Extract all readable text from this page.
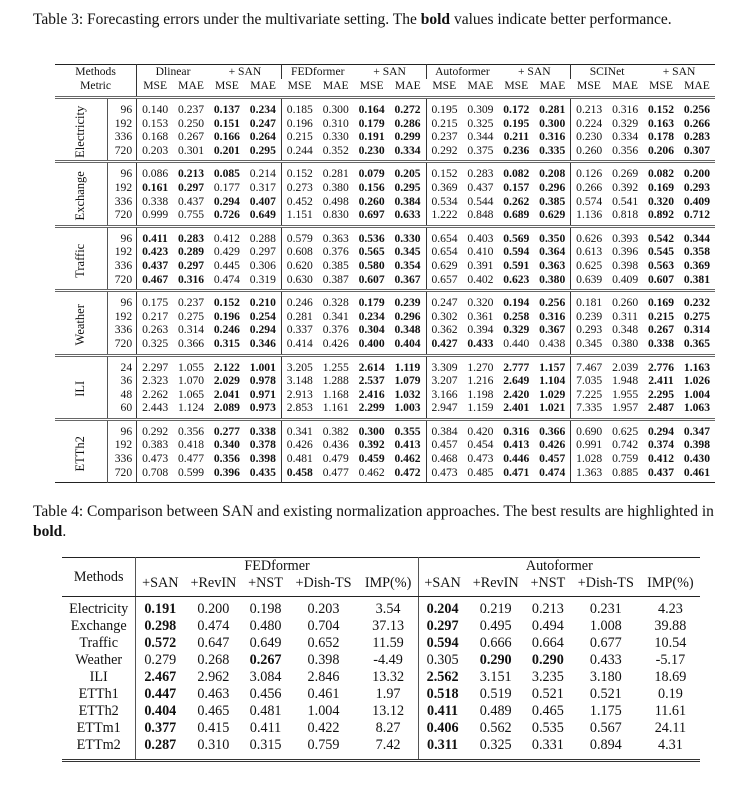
Table 3: Forecasting errors under the multivariate setting. The bold values indicate better performance.
Methods		Dlinear		+ SAN		FEDformer		+ SAN		Autoformer		+ SAN		SCINet		+ SAN	
Metric		MSE	MAE	MSE	MAE	MSE	MAE	MSE	MAE	MSE	MAE	MSE	MAE	MSE	MAE	MSE	MAE
Electricity	96	0.140	0.237	0.137	0.234	0.185	0.300	0.164	0.272	0.195	0.309	0.172	0.281	0.213	0.316	0.152	0.256
	192	0.153	0.250	0.151	0.247	0.196	0.310	0.179	0.286	0.215	0.325	0.195	0.300	0.224	0.329	0.163	0.266
	336	0.168	0.267	0.166	0.264	0.215	0.330	0.191	0.299	0.237	0.344	0.211	0.316	0.230	0.334	0.178	0.283
	720	0.203	0.301	0.201	0.295	0.244	0.352	0.230	0.334	0.292	0.375	0.236	0.335	0.260	0.356	0.206	0.307
Exchange	96	0.086	0.213	0.085	0.214	0.152	0.281	0.079	0.205	0.152	0.283	0.082	0.208	0.126	0.269	0.082	0.200
	192	0.161	0.297	0.177	0.317	0.273	0.380	0.156	0.295	0.369	0.437	0.157	0.296	0.266	0.392	0.169	0.293
	336	0.338	0.437	0.294	0.407	0.452	0.498	0.260	0.384	0.534	0.544	0.262	0.385	0.574	0.541	0.320	0.409
	720	0.999	0.755	0.726	0.649	1.151	0.830	0.697	0.633	1.222	0.848	0.689	0.629	1.136	0.818	0.892	0.712
Traffic	96	0.411	0.283	0.412	0.288	0.579	0.363	0.536	0.330	0.654	0.403	0.569	0.350	0.626	0.393	0.542	0.344
	192	0.423	0.289	0.429	0.297	0.608	0.376	0.565	0.345	0.654	0.410	0.594	0.364	0.613	0.396	0.545	0.358
	336	0.437	0.297	0.445	0.306	0.620	0.385	0.580	0.354	0.629	0.391	0.591	0.363	0.625	0.398	0.563	0.369
	720	0.467	0.316	0.474	0.319	0.630	0.387	0.607	0.367	0.657	0.402	0.623	0.380	0.639	0.409	0.607	0.381
Weather	96	0.175	0.237	0.152	0.210	0.246	0.328	0.179	0.239	0.247	0.320	0.194	0.256	0.181	0.260	0.169	0.232
	192	0.217	0.275	0.196	0.254	0.281	0.341	0.234	0.296	0.302	0.361	0.258	0.316	0.239	0.311	0.215	0.275
	336	0.263	0.314	0.246	0.294	0.337	0.376	0.304	0.348	0.362	0.394	0.329	0.367	0.293	0.348	0.267	0.314
	720	0.325	0.366	0.315	0.346	0.414	0.426	0.400	0.404	0.427	0.433	0.440	0.438	0.345	0.380	0.338	0.365
ILI	24	2.297	1.055	2.122	1.001	3.205	1.255	2.614	1.119	3.309	1.270	2.777	1.157	7.467	2.039	2.776	1.163
	36	2.323	1.070	2.029	0.978	3.148	1.288	2.537	1.079	3.207	1.216	2.649	1.104	7.035	1.948	2.411	1.026
	48	2.262	1.065	2.041	0.971	2.913	1.168	2.416	1.032	3.166	1.198	2.420	1.029	7.225	1.955	2.295	1.004
	60	2.443	1.124	2.089	0.973	2.853	1.161	2.299	1.003	2.947	1.159	2.401	1.021	7.335	1.957	2.487	1.063
ETTh2	96	0.292	0.356	0.277	0.338	0.341	0.382	0.300	0.355	0.384	0.420	0.316	0.366	0.690	0.625	0.294	0.347
	192	0.383	0.418	0.340	0.378	0.426	0.436	0.392	0.413	0.457	0.454	0.413	0.426	0.991	0.742	0.374	0.398
	336	0.473	0.477	0.356	0.398	0.481	0.479	0.459	0.462	0.468	0.473	0.446	0.457	1.028	0.759	0.412	0.430
	720	0.708	0.599	0.396	0.435	0.458	0.477	0.462	0.472	0.473	0.485	0.471	0.474	1.363	0.885	0.437	0.461
Table 4: Comparison between SAN and existing normalization approaches. The best results are highlighted in bold.
Methods	FEDformer					Autoformer				
	+SAN	+RevIN	+NST	+Dish-TS	IMP(%)	+SAN	+RevIN	+NST	+Dish-TS	IMP(%)
Electricity	0.191	0.200	0.198	0.203	3.54	0.204	0.219	0.213	0.231	4.23
Exchange	0.298	0.474	0.480	0.704	37.13	0.297	0.495	0.494	1.008	39.88
Traffic	0.572	0.647	0.649	0.652	11.59	0.594	0.666	0.664	0.677	10.54
Weather	0.279	0.268	0.267	0.398	-4.49	0.305	0.290	0.290	0.433	-5.17
ILI	2.467	2.962	3.084	2.846	13.32	2.562	3.151	3.235	3.180	18.69
ETTh1	0.447	0.463	0.456	0.461	1.97	0.518	0.519	0.521	0.521	0.19
ETTh2	0.404	0.465	0.481	1.004	13.12	0.411	0.489	0.465	1.175	11.61
ETTm1	0.377	0.415	0.411	0.422	8.27	0.406	0.562	0.535	0.567	24.11
ETTm2	0.287	0.310	0.315	0.759	7.42	0.311	0.325	0.331	0.894	4.31
